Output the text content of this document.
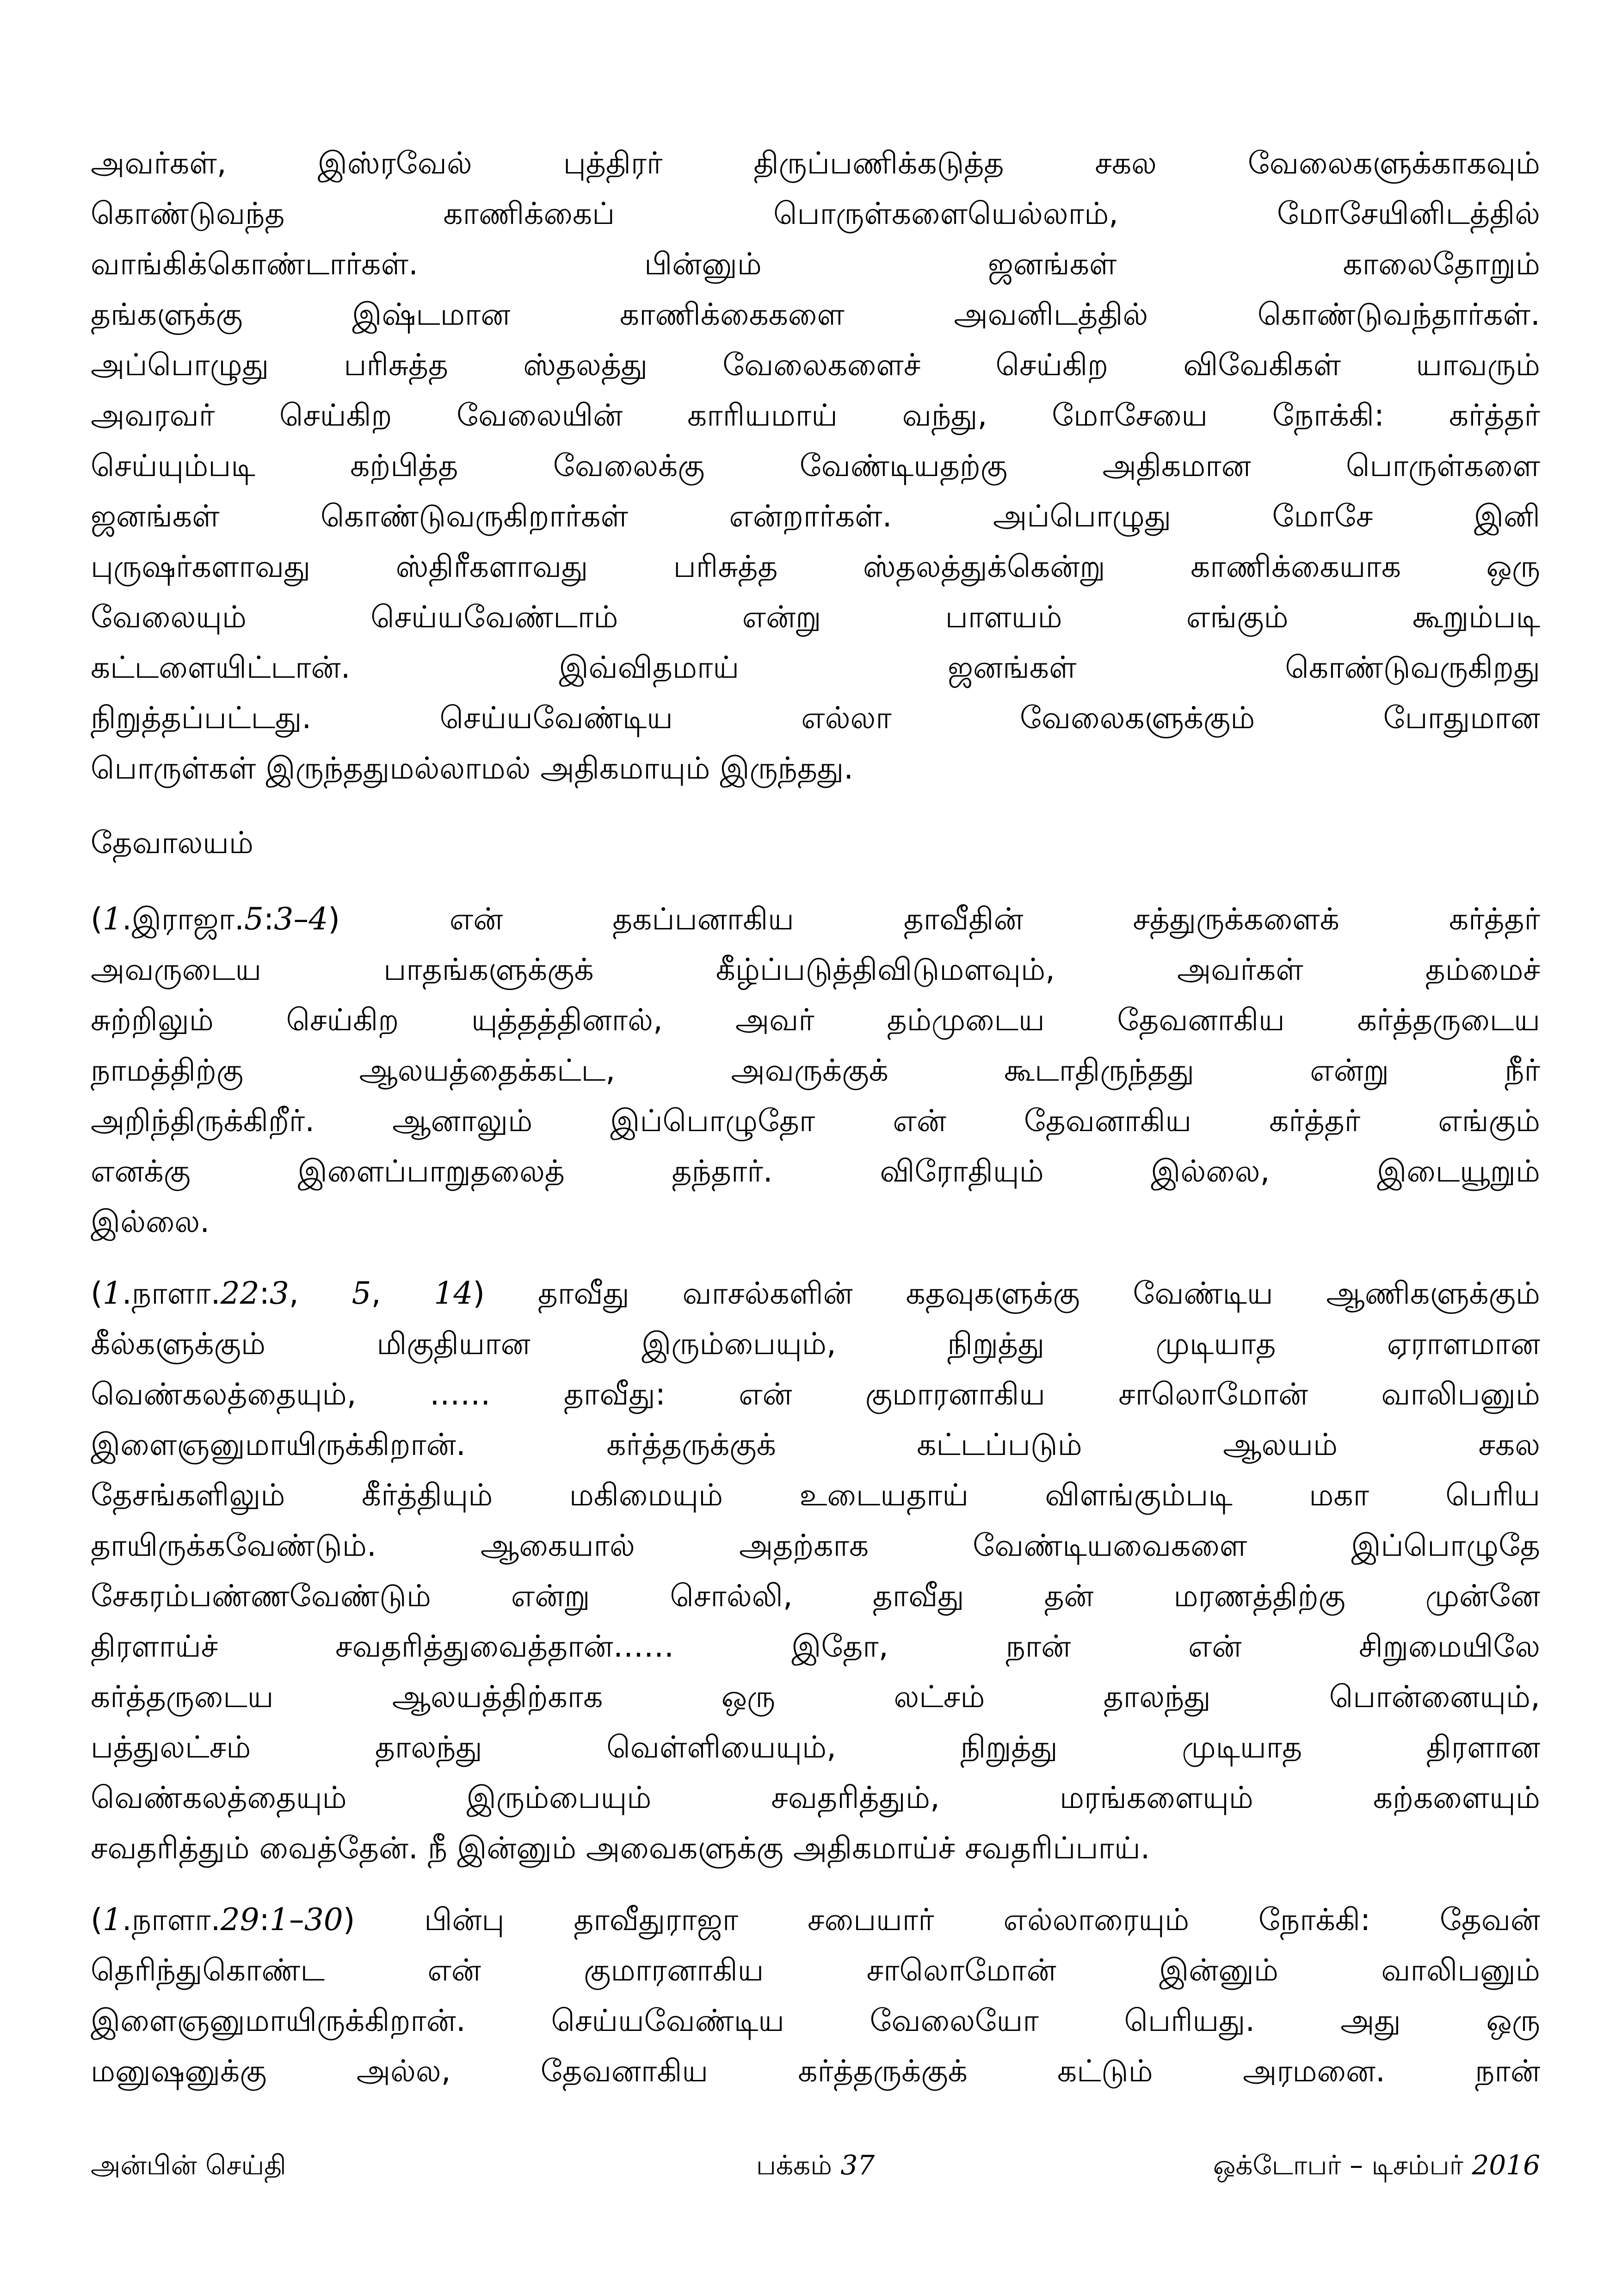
அவர்கள், இஸ்ரவேல் புத்திரர் திருப்பணிக்கடுத்த சகல வேலைகளுக்காகவும்
கொண்டுவந்த காணிக்கைப் பொருள்களையெல்லாம், மோசேயினிடத்தில்
வாங்கிக்கொண்டார்கள். பின்னும் ஜனங்கள் காலைதோறும்
தங்களுக்கு இஷ்டமான காணிக்கைகளை அவனிடத்தில் கொண்டுவந்தார்கள்.
அப்பொழுது பரிசுத்த ஸ்தலத்து வேலைகளைச் செய்கிற விவேகிகள் யாவரும்
அவரவர் செய்கிற வேலையின் காரியமாய் வந்து, மோசேயை நோக்கி: கர்த்தர்
செய்யும்படி கற்பித்த வேலைக்கு வேண்டியதற்கு அதிகமான பொருள்களை
ஜனங்கள் கொண்டுவருகிறார்கள் என்றார்கள். அப்பொழுது மோசே இனி
புருஷர்களாவது ஸ்திரீகளாவது பரிசுத்த ஸ்தலத்துக்கென்று காணிக்கையாக ஒரு
வேலையும் செய்யவேண்டாம் என்று பாளயம் எங்கும் கூறும்படி
கட்டளையிட்டான். இவ்விதமாய் ஜனங்கள் கொண்டுவருகிறது
நிறுத்தப்பட்டது. செய்யவேண்டிய எல்லா வேலைகளுக்கும் போதுமான
பொருள்கள் இருந்ததுமல்லாமல் அதிகமாயும் இருந்தது.
தேவாலயம்
(1.இராஜா.5:3–4) என் தகப்பனாகிய தாவீதின் சத்துருக்களைக் கர்த்தர்
அவருடைய பாதங்களுக்குக் கீழ்ப்படுத்திவிடுமளவும், அவர்கள் தம்மைச்
சுற்றிலும் செய்கிற யுத்தத்தினால், அவர் தம்முடைய தேவனாகிய கர்த்தருடைய
நாமத்திற்கு ஆலயத்தைக்கட்ட, அவருக்குக் கூடாதிருந்தது என்று நீர்
அறிந்திருக்கிறீர். ஆனாலும் இப்பொழுதோ என் தேவனாகிய கர்த்தர் எங்கும்
எனக்கு இளைப்பாறுதலைத் தந்தார். விரோதியும் இல்லை, இடையூறும்
இல்லை.
(1.நாளா.22:3, 5, 14) தாவீது வாசல்களின் கதவுகளுக்கு வேண்டிய ஆணிகளுக்கும்
கீல்களுக்கும் மிகுதியான இரும்பையும், நிறுத்து முடியாத ஏராளமான
வெண்கலத்தையும், …… தாவீது: என் குமாரனாகிய சாலொமோன் வாலிபனும்
இளைஞனுமாயிருக்கிறான். கர்த்தருக்குக் கட்டப்படும் ஆலயம் சகல
தேசங்களிலும் கீர்த்தியும் மகிமையும் உடையதாய் விளங்கும்படி மகா பெரிய
தாயிருக்கவேண்டும். ஆகையால் அதற்காக வேண்டியவைகளை இப்பொழுதே
சேகரம்பண்ணவேண்டும் என்று சொல்லி, தாவீது தன் மரணத்திற்கு முன்னே
திரளாய்ச் சவதரித்துவைத்தான்…… இதோ, நான் என் சிறுமையிலே
கர்த்தருடைய ஆலயத்திற்காக ஒரு லட்சம் தாலந்து பொன்னையும்,
பத்துலட்சம் தாலந்து வெள்ளியையும், நிறுத்து முடியாத திரளான
வெண்கலத்தையும் இரும்பையும் சவதரித்தும், மரங்களையும் கற்களையும்
சவதரித்தும் வைத்தேன். நீ இன்னும் அவைகளுக்கு அதிகமாய்ச் சவதரிப்பாய்.
(1.நாளா.29:1–30) பின்பு தாவீதுராஜா சபையார் எல்லாரையும் நோக்கி: தேவன்
தெரிந்துகொண்ட என் குமாரனாகிய சாலொமோன் இன்னும் வாலிபனும்
இளைஞனுமாயிருக்கிறான். செய்யவேண்டிய வேலையோ பெரியது. அது ஒரு
மனுஷனுக்கு அல்ல, தேவனாகிய கர்த்தருக்குக் கட்டும் அரமனை. நான்
அன்பின் செய்தி	பக்கம் 37	ஒக்டோபர் – டிசம்பர் 2016
